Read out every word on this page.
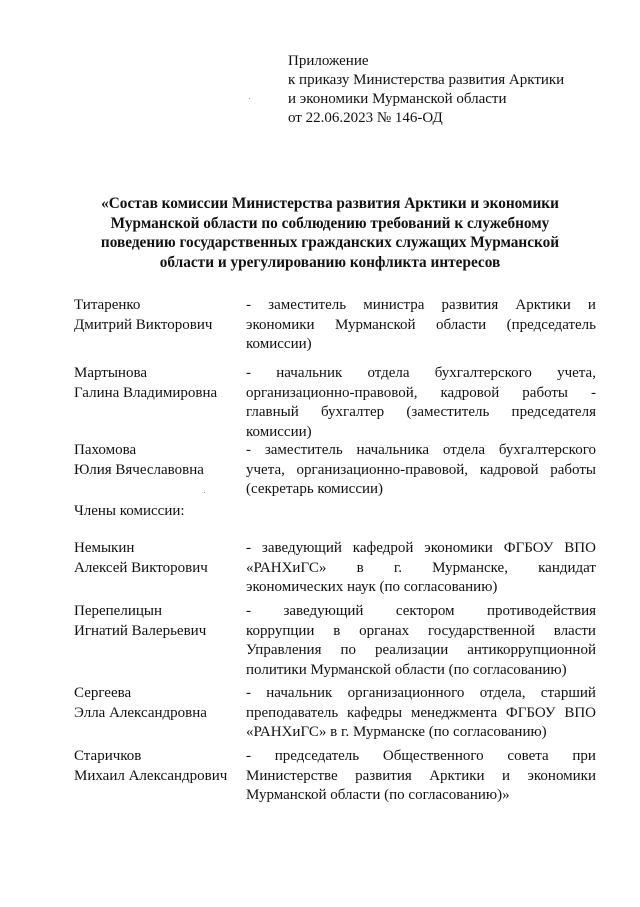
Приложение
к приказу Министерства развития Арктики
и экономики Мурманской области
от 22.06.2023 № 146-ОД
«Состав комиссии Министерства развития Арктики и экономики
Мурманской области по соблюдению требований к служебному
поведению государственных гражданских служащих Мурманской
области и урегулированию конфликта интересов
Титаренко
Дмитрий Викторович
- заместитель министра развития Арктики и
экономики Мурманской области (председатель
комиссии)
Мартынова
Галина Владимировна
- начальник отдела бухгалтерского учета,
организационно-правовой, кадровой работы -
главный бухгалтер (заместитель председателя
комиссии)
Пахомова
Юлия Вячеславовна
- заместитель начальника отдела бухгалтерского
учета, организационно-правовой, кадровой работы
(секретарь комиссии)
Члены комиссии:
Немыкин
Алексей Викторович
- заведующий кафедрой экономики ФГБОУ ВПО
«РАНХиГС» в г. Мурманске, кандидат
экономических наук (по согласованию)
Перепелицын
Игнатий Валерьевич
- заведующий сектором противодействия
коррупции в органах государственной власти
Управления по реализации антикоррупционной
политики Мурманской области (по согласованию)
Сергеева
Элла Александровна
- начальник организационного отдела, старший
преподаватель кафедры менеджмента ФГБОУ ВПО
«РАНХиГС» в г. Мурманске (по согласованию)
Старичков
Михаил Александрович
- председатель Общественного совета при
Министерстве развития Арктики и экономики
Мурманской области (по согласованию)»
